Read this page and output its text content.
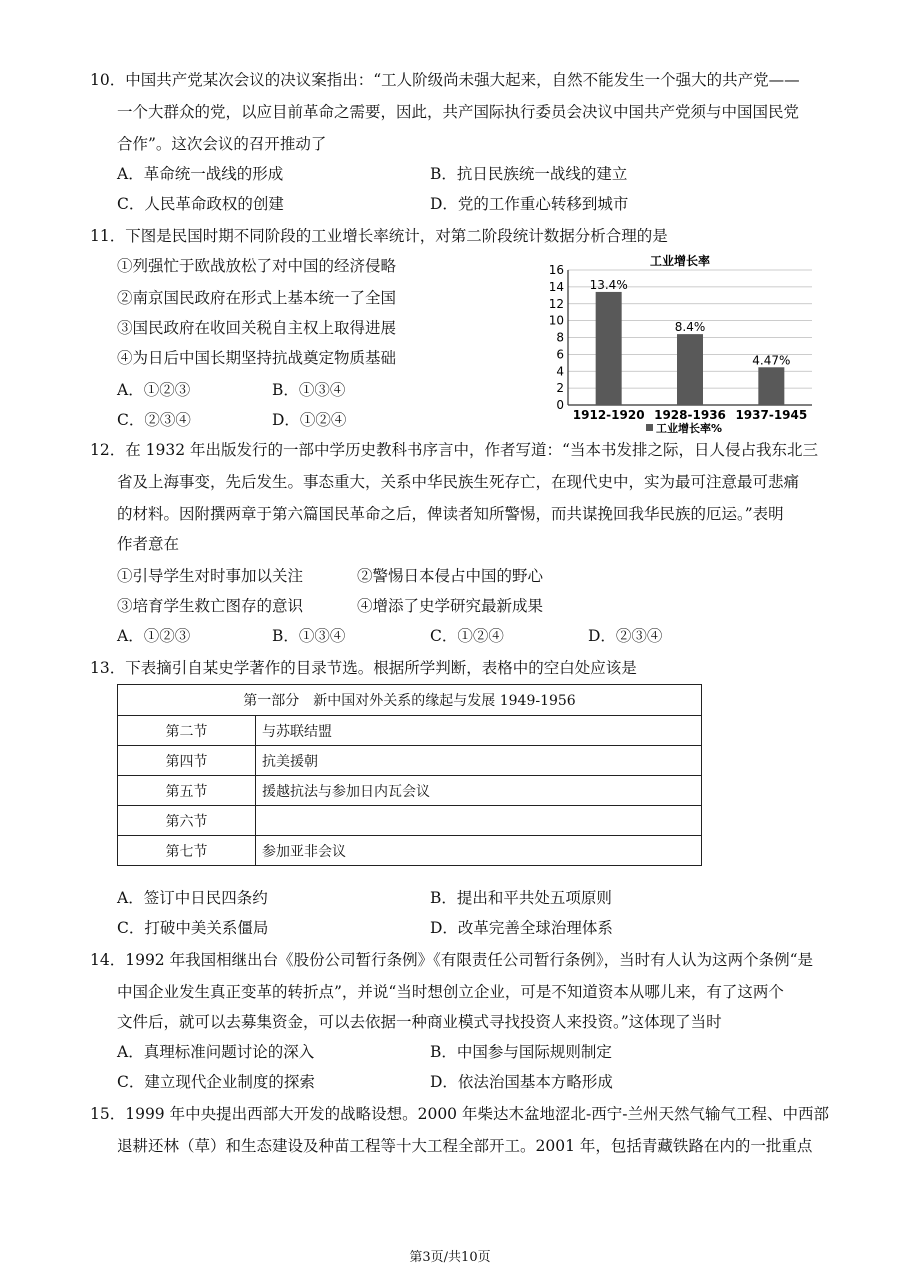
10．中国共产党某次会议的决议案指出：“工人阶级尚未强大起来，自然不能发生一个强大的共产党——
一个大群众的党，以应目前革命之需要，因此，共产国际执行委员会决议中国共产党须与中国国民党
合作”。这次会议的召开推动了
A．革命统一战线的形成	B．抗日民族统一战线的建立
C．人民革命政权的创建	D．党的工作重心转移到城市
11．下图是民国时期不同阶段的工业增长率统计，对第二阶段统计数据分析合理的是
①列强忙于欧战放松了对中国的经济侵略
②南京国民政府在形式上基本统一了全国
③国民政府在收回关税自主权上取得进展
④为日后中国长期坚持抗战奠定物质基础
A．①②③	B．①③④
C．②③④	D．①②④
工业增长率
0
2
4
6
8
10
12
14
16
13.4%
8.4%
4.47%
1912-1920 1928-1936 1937-1945
工业增长率%
12．在 1932 年出版发行的一部中学历史教科书序言中，作者写道：“当本书发排之际，日人侵占我东北三
省及上海事变，先后发生。事态重大，关系中华民族生死存亡，在现代史中，实为最可注意最可悲痛
的材料。因附撰两章于第六篇国民革命之后，俾读者知所警惕，而共谋挽回我华民族的厄运。”表明
作者意在
①引导学生对时事加以关注	②警惕日本侵占中国的野心
③培育学生救亡图存的意识	④增添了史学研究最新成果
A．①②③	B．①③④	C．①②④	D．②③④
13．下表摘引自某史学著作的目录节选。根据所学判断，表格中的空白处应该是
第一部分　新中国对外关系的缘起与发展 1949-1956	
第二节	与苏联结盟
第四节	抗美援朝
第五节	援越抗法与参加日内瓦会议
第六节	
第七节	参加亚非会议
A．签订中日民四条约	B．提出和平共处五项原则
C．打破中美关系僵局	D．改革完善全球治理体系
14．1992 年我国相继出台《股份公司暂行条例》《有限责任公司暂行条例》，当时有人认为这两个条例“是
中国企业发生真正变革的转折点”，并说“当时想创立企业，可是不知道资本从哪儿来，有了这两个
文件后，就可以去募集资金，可以去依据一种商业模式寻找投资人来投资。”这体现了当时
A．真理标准问题讨论的深入	B．中国参与国际规则制定
C．建立现代企业制度的探索	D．依法治国基本方略形成
15．1999 年中央提出西部大开发的战略设想。2000 年柴达木盆地涩北-西宁-兰州天然气输气工程、中西部
退耕还林（草）和生态建设及种苗工程等十大工程全部开工。2001 年，包括青藏铁路在内的一批重点
第3页/共10页
